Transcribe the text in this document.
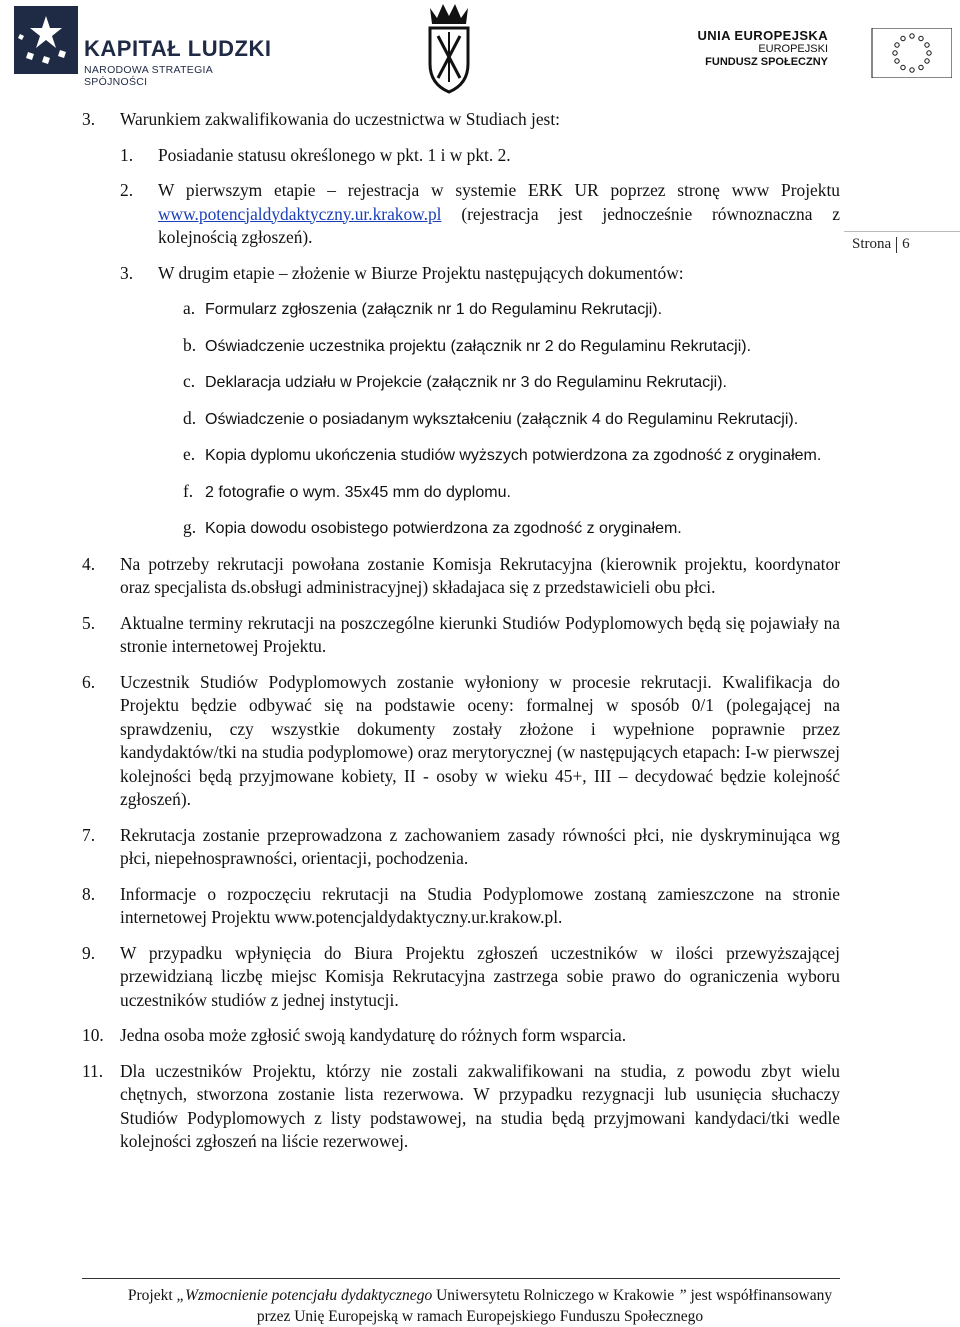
KAPITAŁ LUDZKI
NARODOWA STRATEGIA SPÓJNOŚCI
UNIA EUROPEJSKA
EUROPEJSKI
FUNDUSZ SPOŁECZNY
Strona 6
3. Warunkiem zakwalifikowania do uczestnictwa w Studiach jest:
1. Posiadanie statusu określonego w pkt. 1 i w pkt. 2.
2. W pierwszym etapie – rejestracja w systemie ERK UR poprzez stronę www Projektu www.potencjaldydaktyczny.ur.krakow.pl (rejestracja jest jednocześnie równoznaczna z kolejnością zgłoszeń).
3. W drugim etapie – złożenie w Biurze Projektu następujących dokumentów:
a. Formularz zgłoszenia (załącznik nr 1 do Regulaminu Rekrutacji).
b. Oświadczenie uczestnika projektu (załącznik nr 2 do Regulaminu Rekrutacji).
c. Deklaracja udziału w Projekcie (załącznik nr 3 do Regulaminu Rekrutacji).
d. Oświadczenie o posiadanym wykształceniu (załącznik 4 do Regulaminu Rekrutacji).
e. Kopia dyplomu ukończenia studiów wyższych potwierdzona za zgodność z oryginałem.
f. 2 fotografie o wym. 35x45 mm do dyplomu.
g. Kopia dowodu osobistego potwierdzona za zgodność z oryginałem.
4. Na potrzeby rekrutacji powołana zostanie Komisja Rekrutacyjna (kierownik projektu, koordynator oraz specjalista ds.obsługi administracyjnej) składajaca się z przedstawicieli obu płci.
5. Aktualne terminy rekrutacji na poszczególne kierunki Studiów Podyplomowych będą się pojawiały na stronie internetowej Projektu.
6. Uczestnik Studiów Podyplomowych zostanie wyłoniony w procesie rekrutacji. Kwalifikacja do Projektu będzie odbywać się na podstawie oceny: formalnej w sposób 0/1 (polegającej na sprawdzeniu, czy wszystkie dokumenty zostały złożone i wypełnione poprawnie przez kandydaktów/tki na studia podyplomowe) oraz merytorycznej (w następujących etapach: I-w pierwszej kolejności będą przyjmowane kobiety, II - osoby w wieku 45+, III – decydować będzie kolejność zgłoszeń).
7. Rekrutacja zostanie przeprowadzona z zachowaniem zasady równości płci, nie dyskryminująca wg płci, niepełnosprawności, orientacji, pochodzenia.
8. Informacje o rozpoczęciu rekrutacji na Studia Podyplomowe zostaną zamieszczone na stronie internetowej Projektu www.potencjaldydaktyczny.ur.krakow.pl.
9. W przypadku wpłynięcia do Biura Projektu zgłoszeń uczestników w ilości przewyższającej przewidzianą liczbę miejsc Komisja Rekrutacyjna zastrzega sobie prawo do ograniczenia wyboru uczestników studiów z jednej instytucji.
10. Jedna osoba może zgłosić swoją kandydaturę do różnych form wsparcia.
11. Dla uczestników Projektu, którzy nie zostali zakwalifikowani na studia, z powodu zbyt wielu chętnych, stworzona zostanie lista rezerwowa. W przypadku rezygnacji lub usunięcia słuchaczy Studiów Podyplomowych z listy podstawowej, na studia będą przyjmowani kandydaci/tki wedle kolejności zgłoszeń na liście rezerwowej.
Projekt „Wzmocnienie potencjału dydaktycznego Uniwersytetu Rolniczego w Krakowie ” jest współfinansowany
przez Unię Europejską w ramach Europejskiego Funduszu Społecznego
